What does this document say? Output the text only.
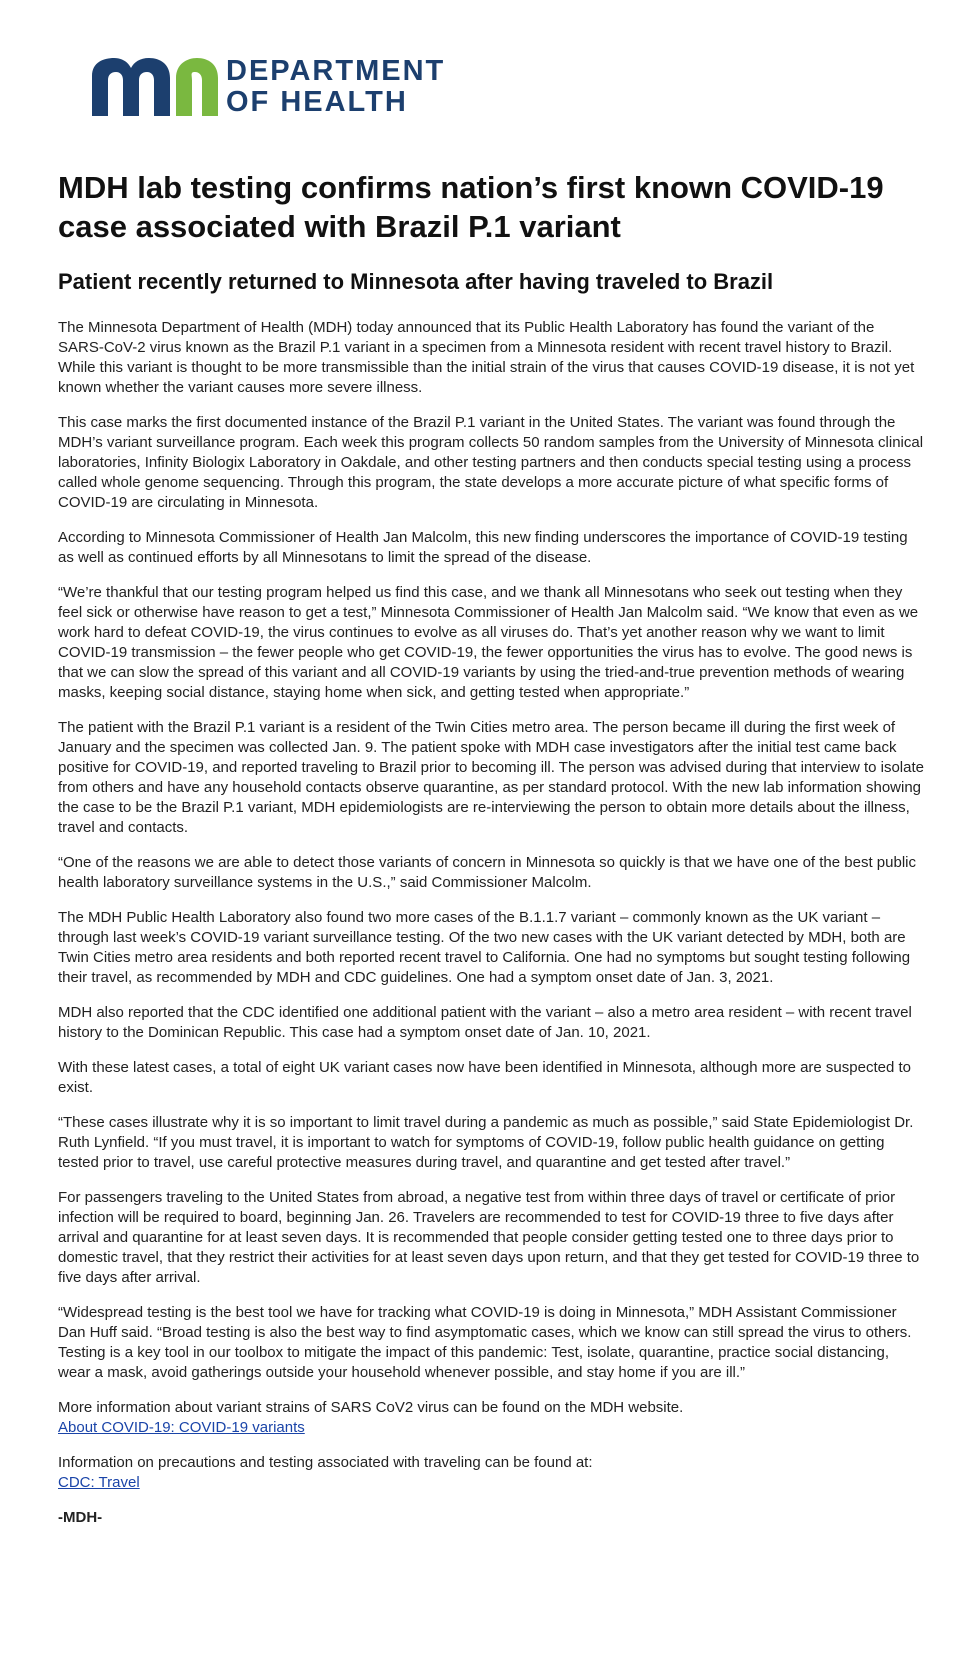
DEPARTMENT
OF HEALTH
MDH lab testing confirms nation’s first known COVID-19 case associated with Brazil P.1 variant
Patient recently returned to Minnesota after having traveled to Brazil

The Minnesota Department of Health (MDH) today announced that its Public Health Laboratory has found the variant of the SARS-CoV-2 virus known as the Brazil P.1 variant in a specimen from a Minnesota resident with recent travel history to Brazil. While this variant is thought to be more transmissible than the initial strain of the virus that causes COVID-19 disease, it is not yet known whether the variant causes more severe illness.

This case marks the first documented instance of the Brazil P.1 variant in the United States. The variant was found through the MDH’s variant surveillance program. Each week this program collects 50 random samples from the University of Minnesota clinical laboratories, Infinity Biologix Laboratory in Oakdale, and other testing partners and then conducts special testing using a process called whole genome sequencing. Through this program, the state develops a more accurate picture of what specific forms of COVID-19 are circulating in Minnesota.

According to Minnesota Commissioner of Health Jan Malcolm, this new finding underscores the importance of COVID-19 testing as well as continued efforts by all Minnesotans to limit the spread of the disease.

“We’re thankful that our testing program helped us find this case, and we thank all Minnesotans who seek out testing when they feel sick or otherwise have reason to get a test,” Minnesota Commissioner of Health Jan Malcolm said. “We know that even as we work hard to defeat COVID-19, the virus continues to evolve as all viruses do. That’s yet another reason why we want to limit COVID-19 transmission – the fewer people who get COVID-19, the fewer opportunities the virus has to evolve. The good news is that we can slow the spread of this variant and all COVID-19 variants by using the tried-and-true prevention methods of wearing masks, keeping social distance, staying home when sick, and getting tested when appropriate.”

The patient with the Brazil P.1 variant is a resident of the Twin Cities metro area. The person became ill during the first week of January and the specimen was collected Jan. 9. The patient spoke with MDH case investigators after the initial test came back positive for COVID-19, and reported traveling to Brazil prior to becoming ill. The person was advised during that interview to isolate from others and have any household contacts observe quarantine, as per standard protocol. With the new lab information showing the case to be the Brazil P.1 variant, MDH epidemiologists are re-interviewing the person to obtain more details about the illness, travel and contacts.

“One of the reasons we are able to detect those variants of concern in Minnesota so quickly is that we have one of the best public health laboratory surveillance systems in the U.S.,” said Commissioner Malcolm.

The MDH Public Health Laboratory also found two more cases of the B.1.1.7 variant – commonly known as the UK variant – through last week’s COVID-19 variant surveillance testing. Of the two new cases with the UK variant detected by MDH, both are Twin Cities metro area residents and both reported recent travel to California. One had no symptoms but sought testing following their travel, as recommended by MDH and CDC guidelines. One had a symptom onset date of Jan. 3, 2021.

MDH also reported that the CDC identified one additional patient with the variant – also a metro area resident – with recent travel history to the Dominican Republic. This case had a symptom onset date of Jan. 10, 2021.

With these latest cases, a total of eight UK variant cases now have been identified in Minnesota, although more are suspected to exist.

“These cases illustrate why it is so important to limit travel during a pandemic as much as possible,” said State Epidemiologist Dr. Ruth Lynfield. “If you must travel, it is important to watch for symptoms of COVID-19, follow public health guidance on getting tested prior to travel, use careful protective measures during travel, and quarantine and get tested after travel.”

For passengers traveling to the United States from abroad, a negative test from within three days of travel or certificate of prior infection will be required to board, beginning Jan. 26. Travelers are recommended to test for COVID-19 three to five days after arrival and quarantine for at least seven days. It is recommended that people consider getting tested one to three days prior to domestic travel, that they restrict their activities for at least seven days upon return, and that they get tested for COVID-19 three to five days after arrival.

“Widespread testing is the best tool we have for tracking what COVID-19 is doing in Minnesota,” MDH Assistant Commissioner Dan Huff said. “Broad testing is also the best way to find asymptomatic cases, which we know can still spread the virus to others. Testing is a key tool in our toolbox to mitigate the impact of this pandemic: Test, isolate, quarantine, practice social distancing, wear a mask, avoid gatherings outside your household whenever possible, and stay home if you are ill.”

More information about variant strains of SARS CoV2 virus can be found on the MDH website.
About COVID-19: COVID-19 variants

Information on precautions and testing associated with traveling can be found at:
CDC: Travel

-MDH-
